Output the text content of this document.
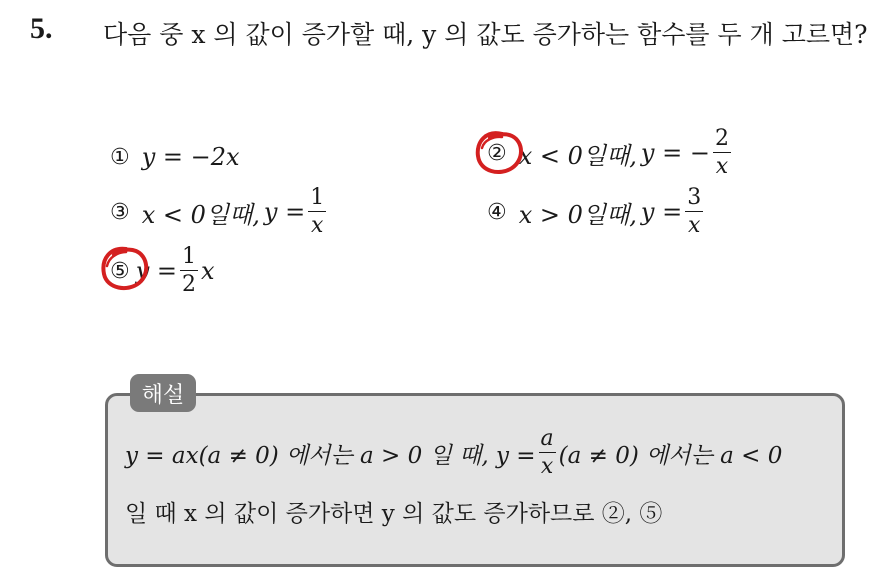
5. 다음 중 x 의 값이 증가할 때, y 의 값도 증가하는 함수를 두 개 고르면?
① y = −2x	② x < 0일때, y = − $\frac{2}{x}$
③ x < 0일때, $y = \frac{1}{x}$	④ x > 0일때, $y = \frac{3}{x}$
⑤ $y = \frac{1}{2}$ x
해설
y = ax(a ≠ 0) 에서는 a > 0 일 때, $y = \frac{a}{x} (a \ne 0)$ 에서는 a < 0
일 때 x 의 값이 증가하면 y 의 값도 증가하므로 ②, ⑤
